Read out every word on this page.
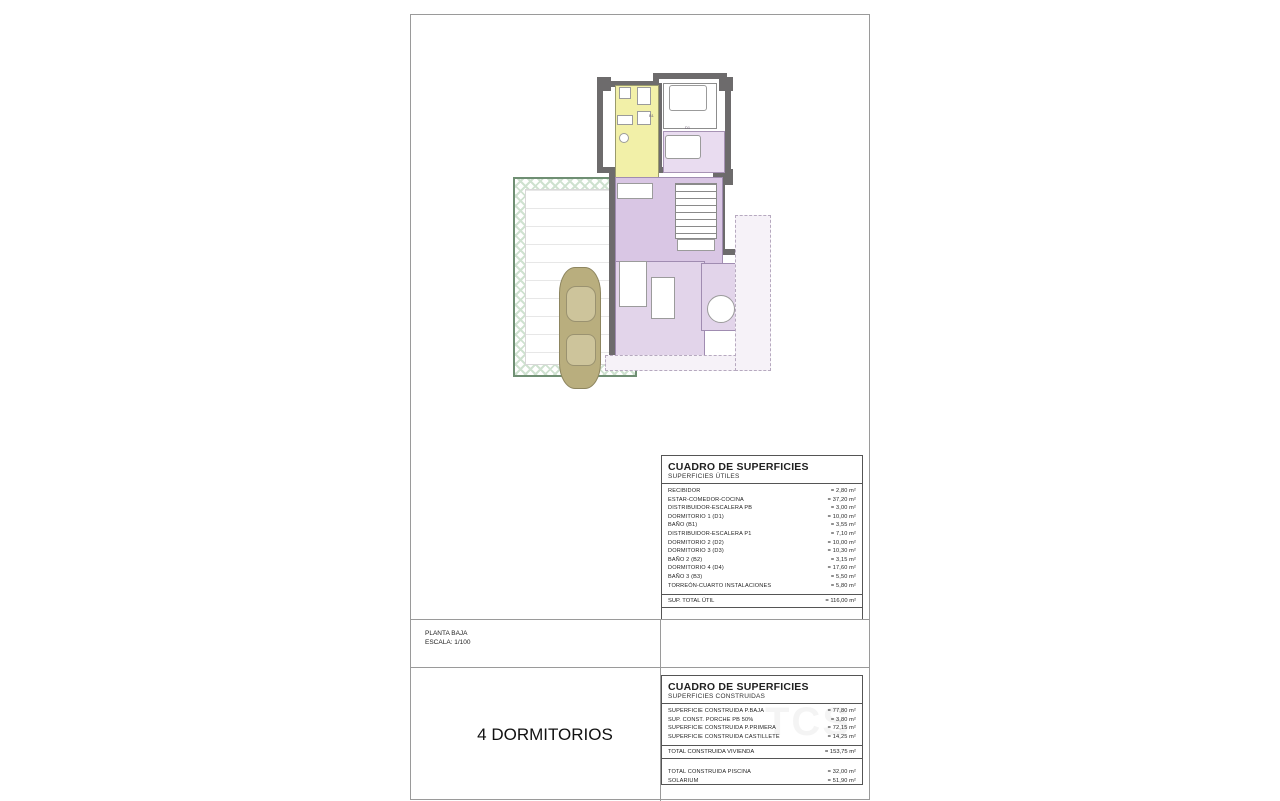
D1
B1
CUADRO DE SUPERFICIES
SUPERFICIES ÚTILES
RECIBIDOR	= 2,80 m²
ESTAR-COMEDOR-COCINA	= 37,20 m²
DISTRIBUIDOR-ESCALERA PB	= 3,00 m²
DORMITORIO 1 (D1)	= 10,00 m²
BAÑO (B1)	= 3,55 m²
DISTRIBUIDOR-ESCALERA P1	= 7,10 m²
DORMITORIO 2 (D2)	= 10,00 m²
DORMITORIO 3 (D3)	= 10,30 m²
BAÑO 2 (B2)	= 3,15 m²
DORMITORIO 4 (D4)	= 17,60 m²
BAÑO 3 (B3)	= 5,50 m²
TORREÓN-CUARTO INSTALACIONES	= 5,80 m²
SUP. TOTAL ÚTIL	= 116,00 m²
CUADRO DE SUPERFICIES
SUPERFICIES CONSTRUIDAS
SUPERFICIE CONSTRUIDA P.BAJA	= 77,80 m²
SUP. CONST. PORCHE PB 50%	= 3,80 m²
SUPERFICIE CONSTRUIDA P.PRIMERA	= 72,15 m²
SUPERFICIE CONSTRUIDA CASTILLETE	= 14,25 m²
TOTAL CONSTRUIDA VIVIENDA	= 153,75 m²
TOTAL CONSTRUIDA PISCINA	= 32,00 m²
SOLARIUM	= 51,90 m²
PLANTA BAJA
ESCALA: 1/100
4 DORMITORIOS
